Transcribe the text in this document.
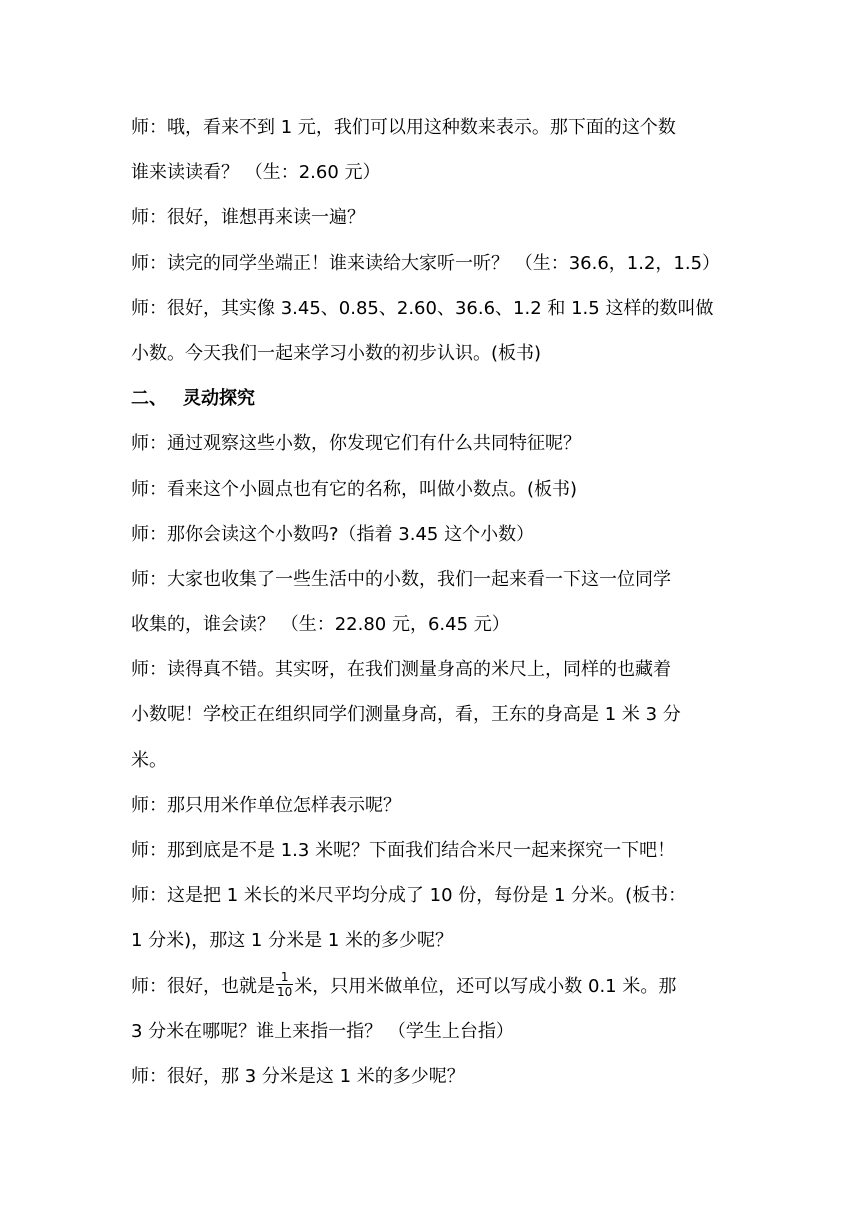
师：哦，看来不到 1 元，我们可以用这种数来表示。那下面的这个数
谁来读读看？ （生：2.60 元）
师：很好，谁想再来读一遍？
师：读完的同学坐端正！谁来读给大家听一听？ （生：36.6，1.2，1.5）
师：很好，其实像 3.45、0.85、2.60、36.6、1.2 和 1.5 这样的数叫做
小数。今天我们一起来学习小数的初步认识。(板书)
二、 灵动探究
师：通过观察这些小数，你发现它们有什么共同特征呢？
师：看来这个小圆点也有它的名称，叫做小数点。(板书)
师：那你会读这个小数吗?（指着 3.45 这个小数）
师：大家也收集了一些生活中的小数，我们一起来看一下这一位同学
收集的，谁会读？ （生：22.80 元，6.45 元）
师：读得真不错。其实呀，在我们测量身高的米尺上，同样的也藏着
小数呢！学校正在组织同学们测量身高，看，王东的身高是 1 米 3 分
米。
师：那只用米作单位怎样表示呢？
师：那到底是不是 1.3 米呢？下面我们结合米尺一起来探究一下吧！
师：这是把 1 米长的米尺平均分成了 10 份，每份是 1 分米。(板书：
1 分米)，那这 1 分米是 1 米的多少呢？
师：很好，也就是 $\frac{1}{10}$ 米，只用米做单位，还可以写成小数 0.1 米。那
3 分米在哪呢？谁上来指一指？ （学生上台指）
师：很好，那 3 分米是这 1 米的多少呢？
